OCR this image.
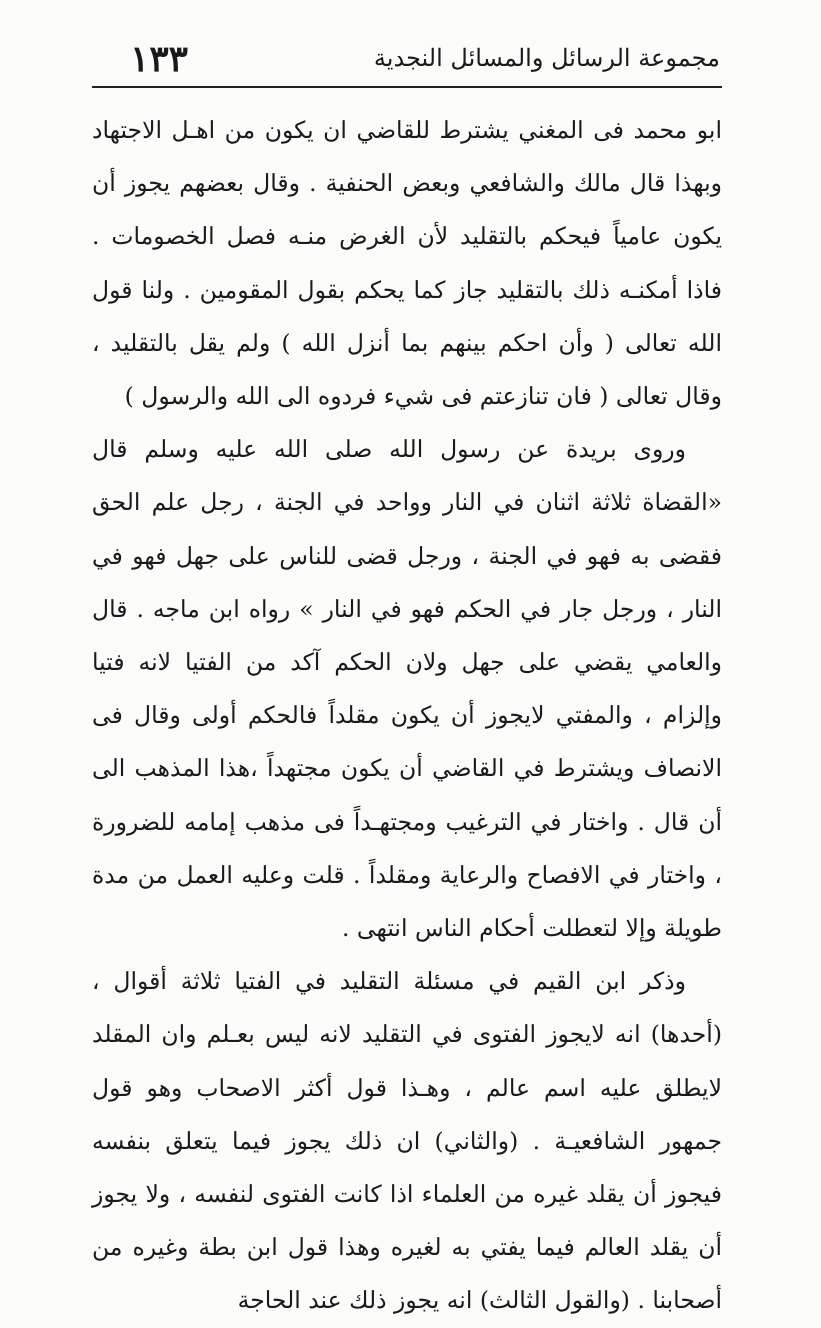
١٣٣	مجموعة الرسائل والمسائل النجدية

ابو محمد فى المغني يشترط للقاضي ان يكون من اهـل الاجتهاد وبهذا قال مالك والشافعي وبعض الحنفية . وقال بعضهم يجوز أن يكون عامياً فيحكم بالتقليد لأن الغرض منـه فصل الخصومات . فاذا أمكنـه ذلك بالتقليد جاز كما يحكم بقول المقومين . ولنا قول الله تعالى ( وأن احكم بينهم بما أنزل الله ) ولم يقل بالتقليد ، وقال تعالى ( فان تنازعتم فى شيء فردوه الى الله والرسول )

وروى بريدة عن رسول الله صلى الله عليه وسلم قال «القضاة ثلاثة اثنان في النار وواحد في الجنة ، رجل علم الحق فقضى به فهو في الجنة ، ورجل قضى للناس على جهل فهو في النار ، ورجل جار في الحكم فهو في النار » رواه ابن ماجه . قال والعامي يقضي على جهل ولان الحكم آكد من الفتيا لانه فتيا وإلزام ، والمفتي لايجوز أن يكون مقلداً فالحكم أولى وقال فى الانصاف ويشترط في القاضي أن يكون مجتهداً ،هذا المذهب الى أن قال . واختار في الترغيب ومجتهـداً فى مذهب إمامه للضرورة ، واختار في الافصاح والرعاية ومقلداً . قلت وعليه العمل من مدة طويلة وإلا لتعطلت أحكام الناس انتهى .

وذكر ابن القيم في مسئلة التقليد في الفتيا ثلاثة أقوال ، (أحدها) انه لايجوز الفتوى في التقليد لانه ليس بعـلم وان المقلد لايطلق عليه اسم عالم ، وهـذا قول أكثر الاصحاب وهو قول جمهور الشافعيـة . (والثاني) ان ذلك يجوز فيما يتعلق بنفسه فيجوز أن يقلد غيره من العلماء اذا كانت الفتوى لنفسه ، ولا يجوز أن يقلد العالم فيما يفتي به لغيره وهذا قول ابن بطة وغيره من أصحابنا . (والقول الثالث) انه يجوز ذلك عند الحاجة
